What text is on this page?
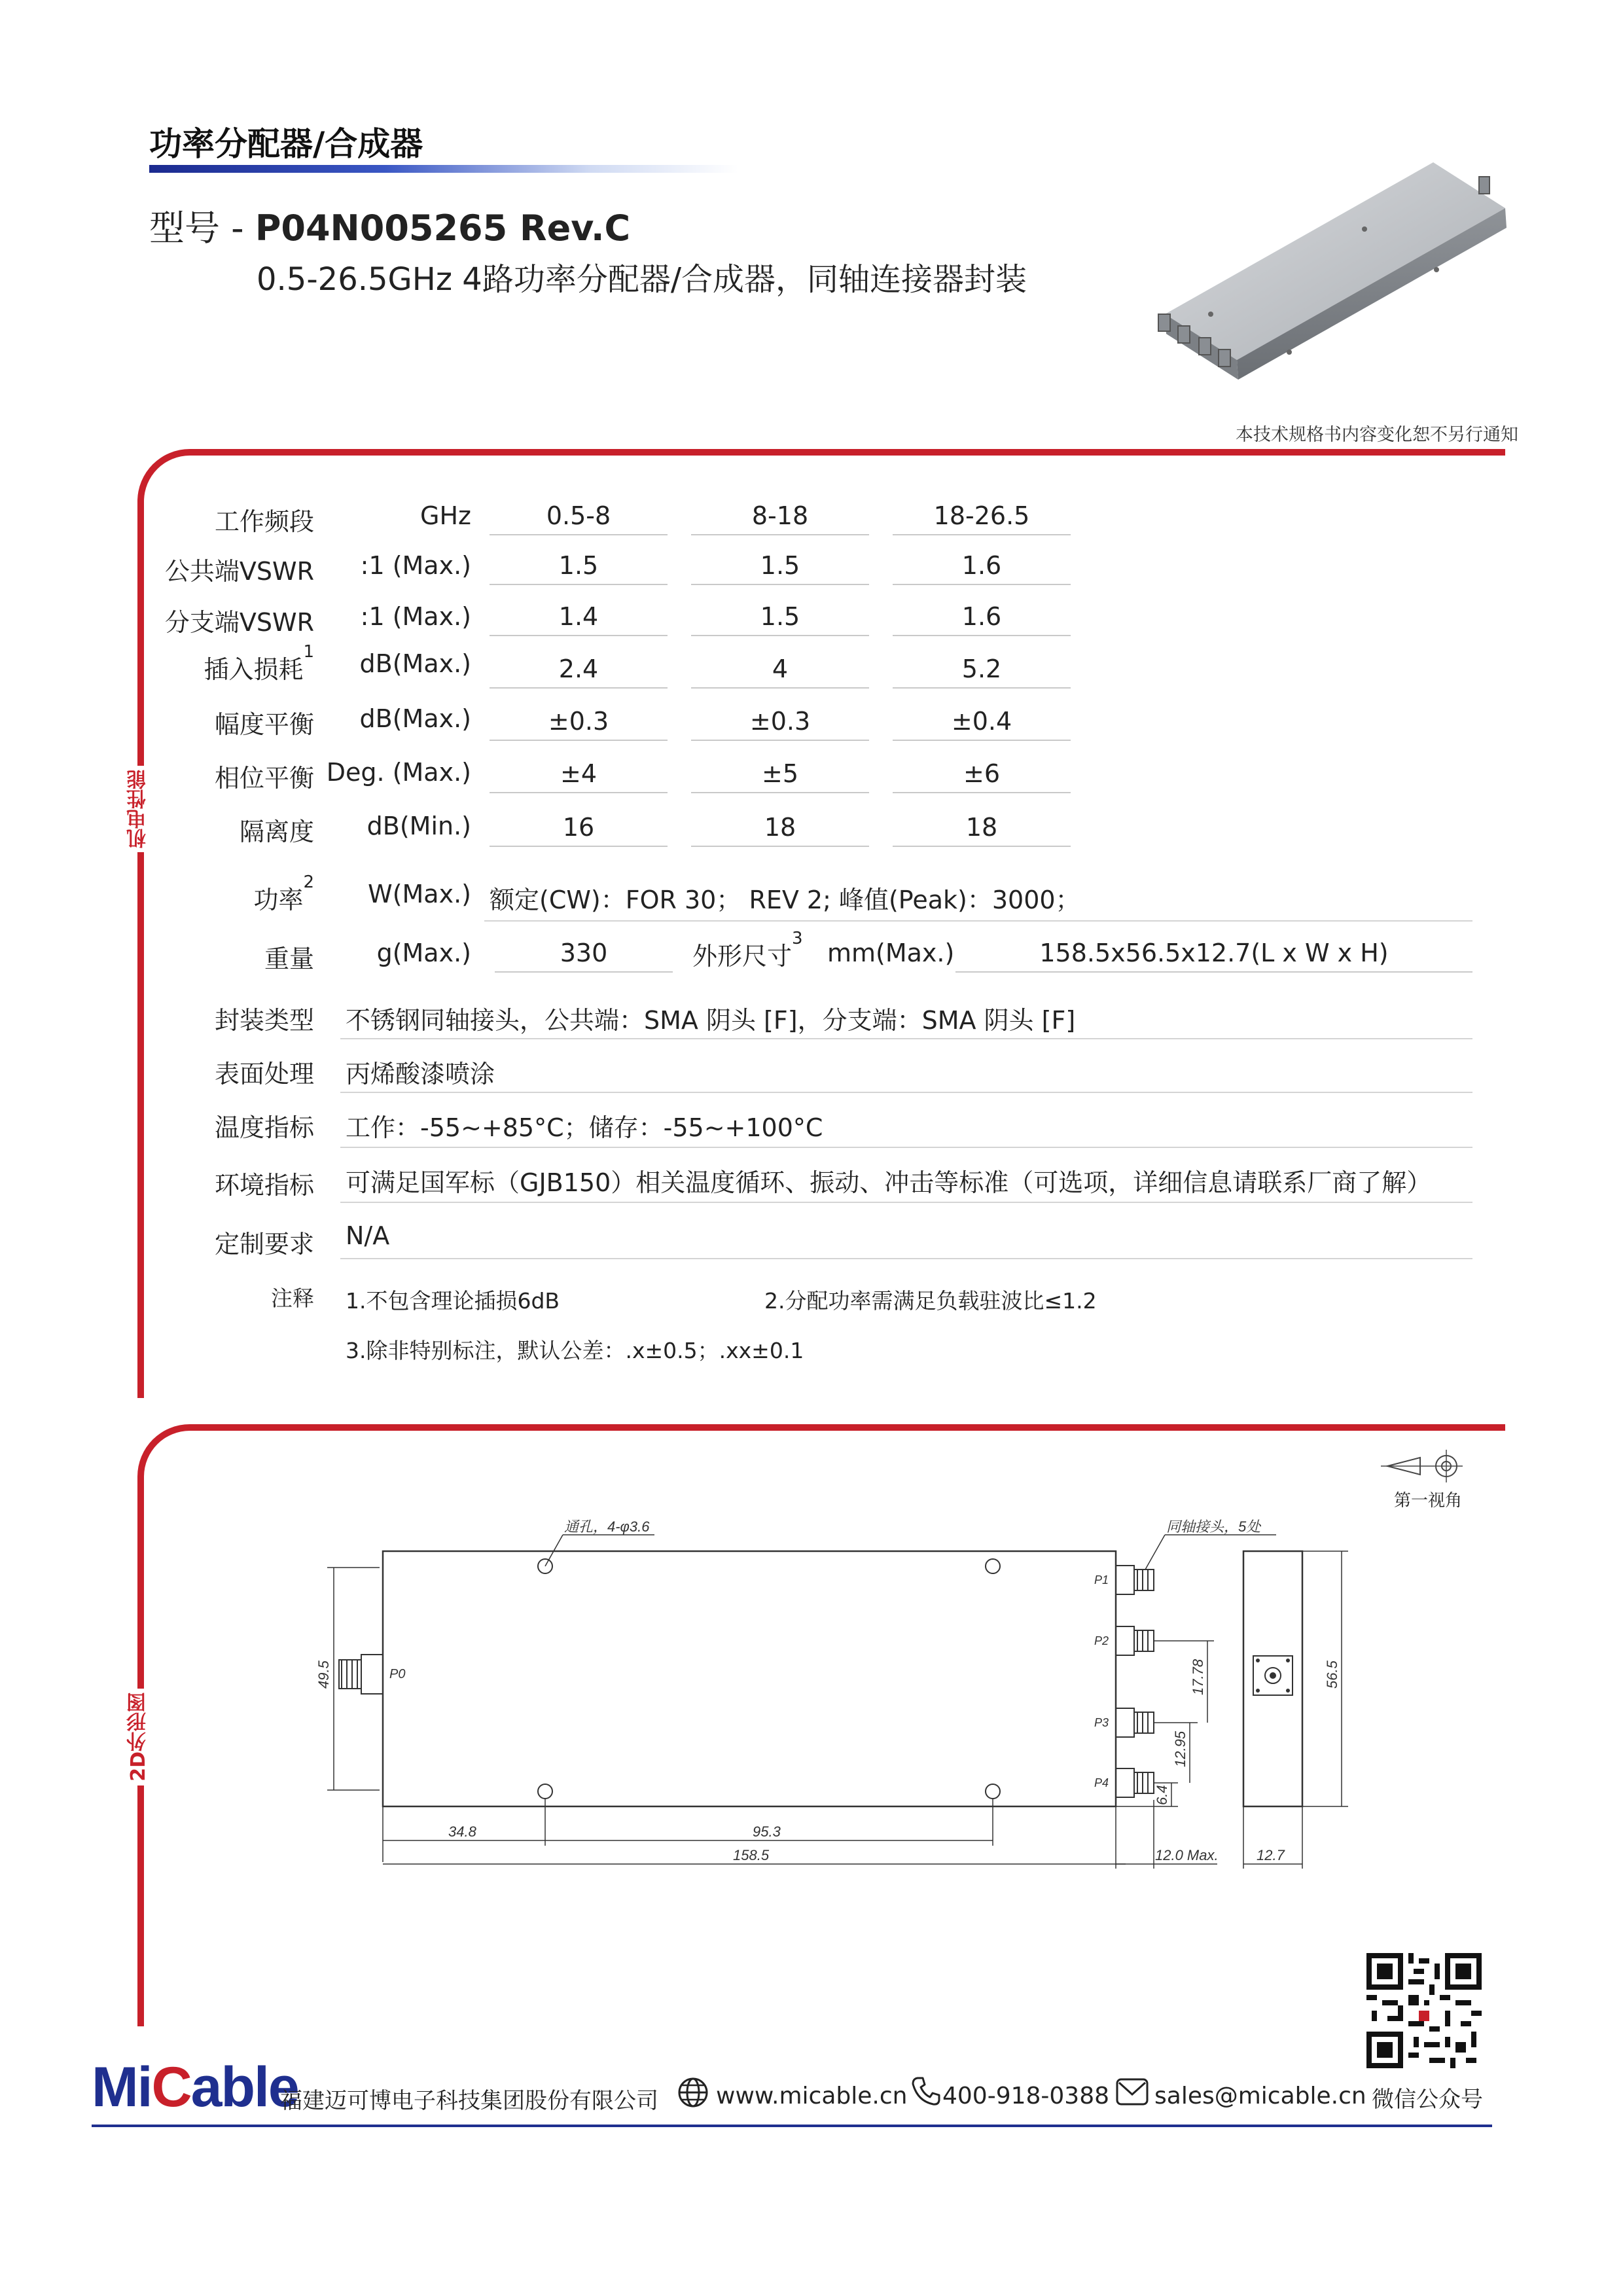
功率分配器/合成器
型号 - P04N005265 Rev.C
0.5-26.5GHz 4路功率分配器/合成器，同轴连接器封装
本技术规格书内容变化恕不另行通知
机电性能
工作频段	GHz	0.5-8	8-18	18-26.5
公共端VSWR	:1 (Max.)	1.5	1.5	1.6
分支端VSWR	:1 (Max.)	1.4	1.5	1.6
插入损耗$^1$	dB(Max.)	2.4	4	5.2
幅度平衡	dB(Max.)	±0.3	±0.3	±0.4
相位平衡 Deg. (Max.)	±4	±5	±6
隔离度	dB(Min.)	16	18	18
功率$^2$	W(Max.) 额定(CW)：FOR 30； REV 2; 峰值(Peak)：3000；
重量	g(Max.)	330	外形尺寸$^3$ mm(Max.)	158.5x56.5x12.7(L x W x H)
封装类型 不锈钢同轴接头，公共端：SMA 阴头 [F]，分支端：SMA 阴头 [F]
表面处理 丙烯酸漆喷涂
温度指标 工作：-55~+85°C；储存：-55~+100°C
环境指标 可满足国军标（GJB150）相关温度循环、振动、冲击等标准（可选项，详细信息请联系厂商了解）
定制要求 N/A
注释 1.不包含理论插损6dB	2.分配功率需满足负载驻波比≤1.2
3.除非特别标注，默认公差：.x±0.5；.xx±0.1
2D外形图
第一视角
通孔，4-φ3.6
P0
P1
P2
P3
P4
同轴接头，5处
49.5
34.8	95.3
158.5	12.0 Max.	12.7
17.78
12.95
6.4
56.5
MiCable
福建迈可博电子科技集团股份有限公司 www.micable.cn 400-918-0388 sales@micable.cn 微信公众号
